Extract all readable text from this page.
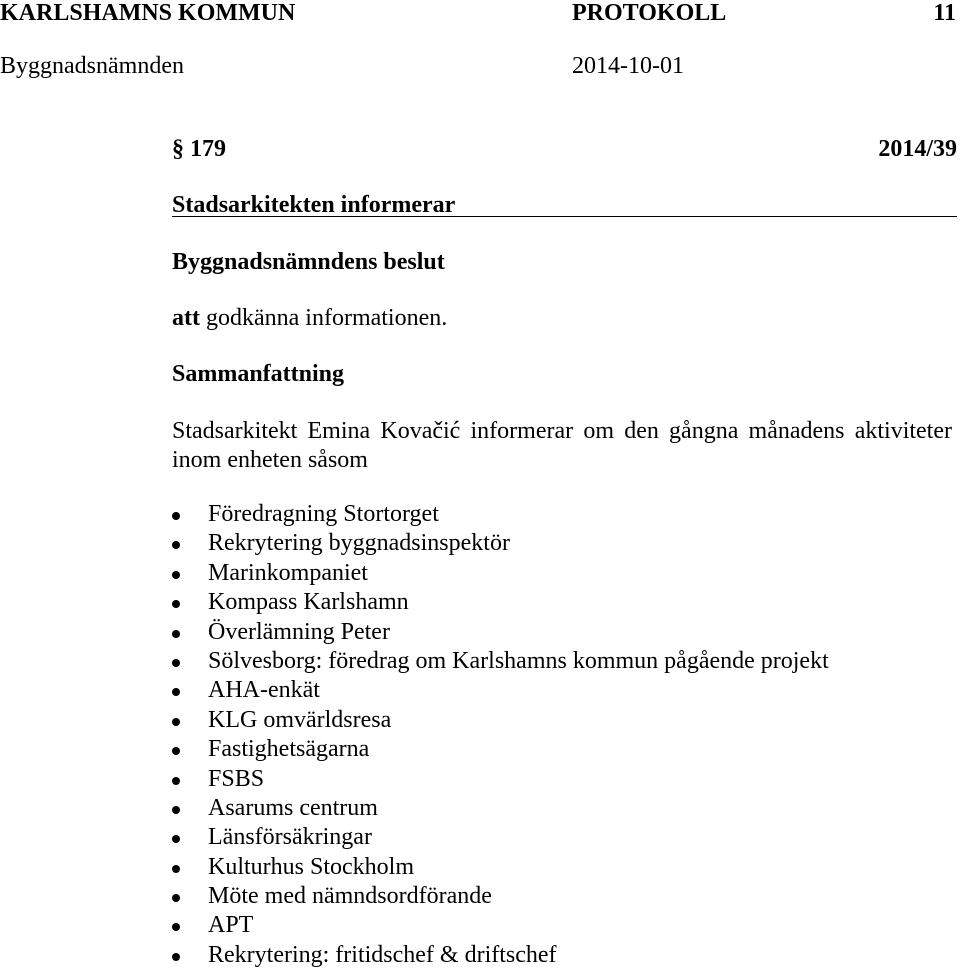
KARLSHAMNS KOMMUN	PROTOKOLL	11
Byggnadsnämnden	2014-10-01
§ 179	2014/39
Stadsarkitekten informerar
Byggnadsnämndens beslut
att godkänna informationen.
Sammanfattning
Stadsarkitekt Emina Kovačić informerar om den gångna månadens aktiviteter inom enheten såsom
Föredragning Stortorget
Rekrytering byggnadsinspektör
Marinkompaniet
Kompass Karlshamn
Överlämning Peter
Sölvesborg: föredrag om Karlshamns kommun pågående projekt
AHA-enkät
KLG omvärldsresa
Fastighetsägarna
FSBS
Asarums centrum
Länsförsäkringar
Kulturhus Stockholm
Möte med nämndsordförande
APT
Rekrytering: fritidschef & driftschef
